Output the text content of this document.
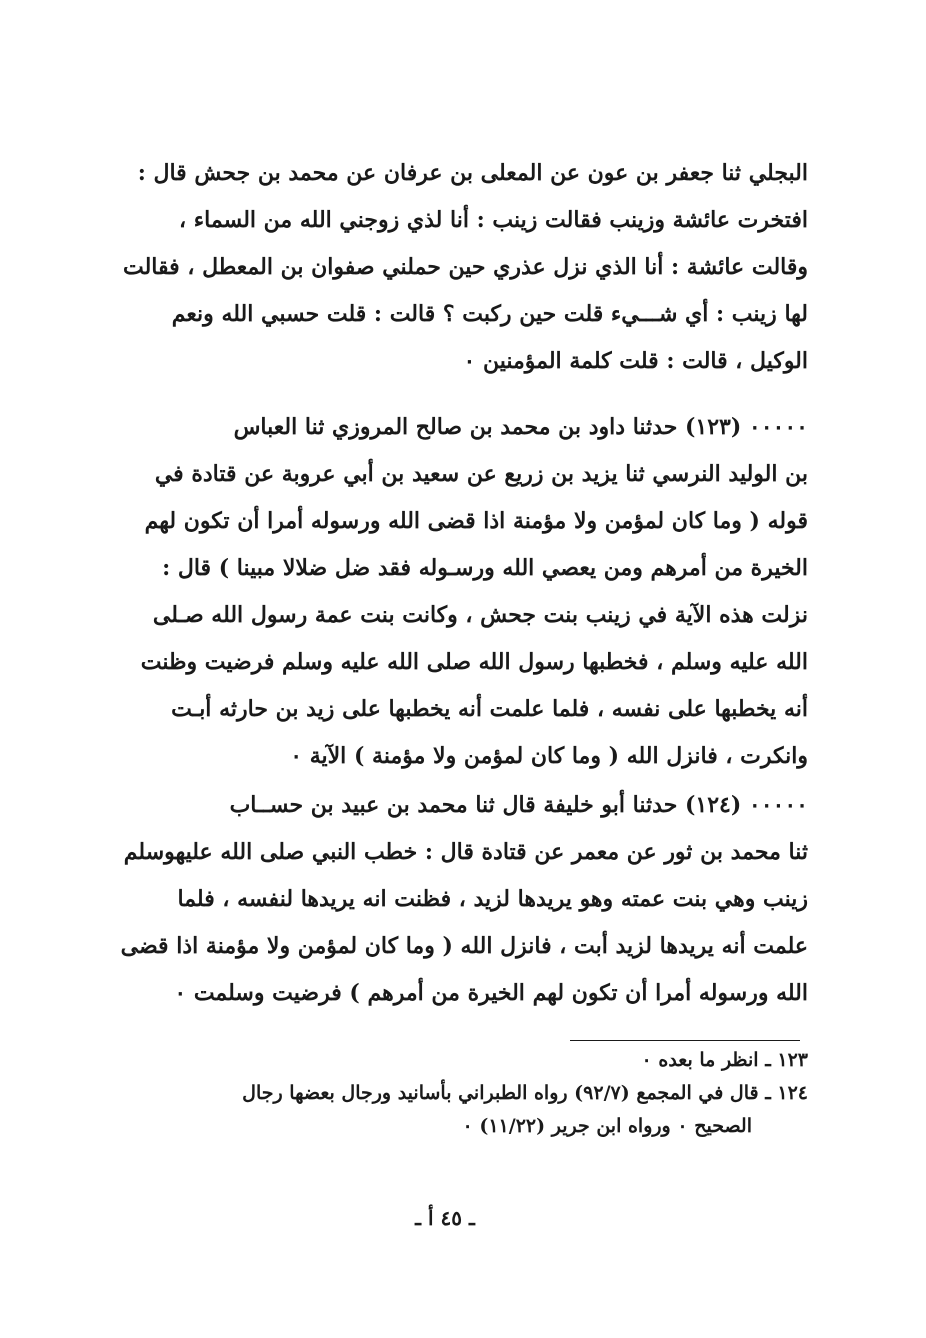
البجلي ثنا جعفر بن عون عن المعلى بن عرفان عن محمد بن جحش قال :
افتخرت عائشة وزينب فقالت زينب : أنا لذي زوجني الله من السماء ،
وقالت عائشة : أنا الذي نزل عذري حين حملني صفوان بن المعطل ، فقالت
لها زينب : أي شـــيء قلت حين ركبت ؟ قالت : قلت حسبي الله ونعم
الوكيل ، قالت : قلت كلمة المؤمنين ٠
٠٠٠٠٠ (١٢٣) حدثنا داود بن محمد بن صالح المروزي ثنا العباس
بن الوليد النرسي ثنا يزيد بن زريع عن سعيد بن أبي عروبة عن قتادة في
قوله ( وما كان لمؤمن ولا مؤمنة اذا قضى الله ورسوله أمرا أن تكون لهم
الخيرة من أمرهم ومن يعصي الله ورسـوله فقد ضل ضلالا مبينا ) قال :
نزلت هذه الآية في زينب بنت جحش ، وكانت بنت عمة رسول الله صـلى
الله عليه وسلم ، فخطبها رسول الله صلى الله عليه وسلم فرضيت وظنت
أنه يخطبها على نفسه ، فلما علمت أنه يخطبها على زيد بن حارثه أبـت
وانكرت ، فانزل الله ( وما كان لمؤمن ولا مؤمنة ) الآية ٠
٠٠٠٠٠ (١٢٤) حدثنا أبو خليفة قال ثنا محمد بن عبيد بن حســاب
ثنا محمد بن ثور عن معمر عن قتادة قال : خطب النبي صلى الله عليهوسلم
زينب وهي بنت عمته وهو يريدها لزيد ، فظنت انه يريدها لنفسه ، فلما
علمت أنه يريدها لزيد أبت ، فانزل الله ( وما كان لمؤمن ولا مؤمنة اذا قضى
الله ورسوله أمرا أن تكون لهم الخيرة من أمرهم ) فرضيت وسلمت ٠
١٢٣ ـ انظر ما بعده ٠
١٢٤ ـ قال في المجمع (٩٢/٧) رواه الطبراني بأسانيد ورجال بعضها رجال
الصحيح ٠ ورواه ابن جرير (١١/٢٢) ٠
ـ ٤٥ أ ـ
